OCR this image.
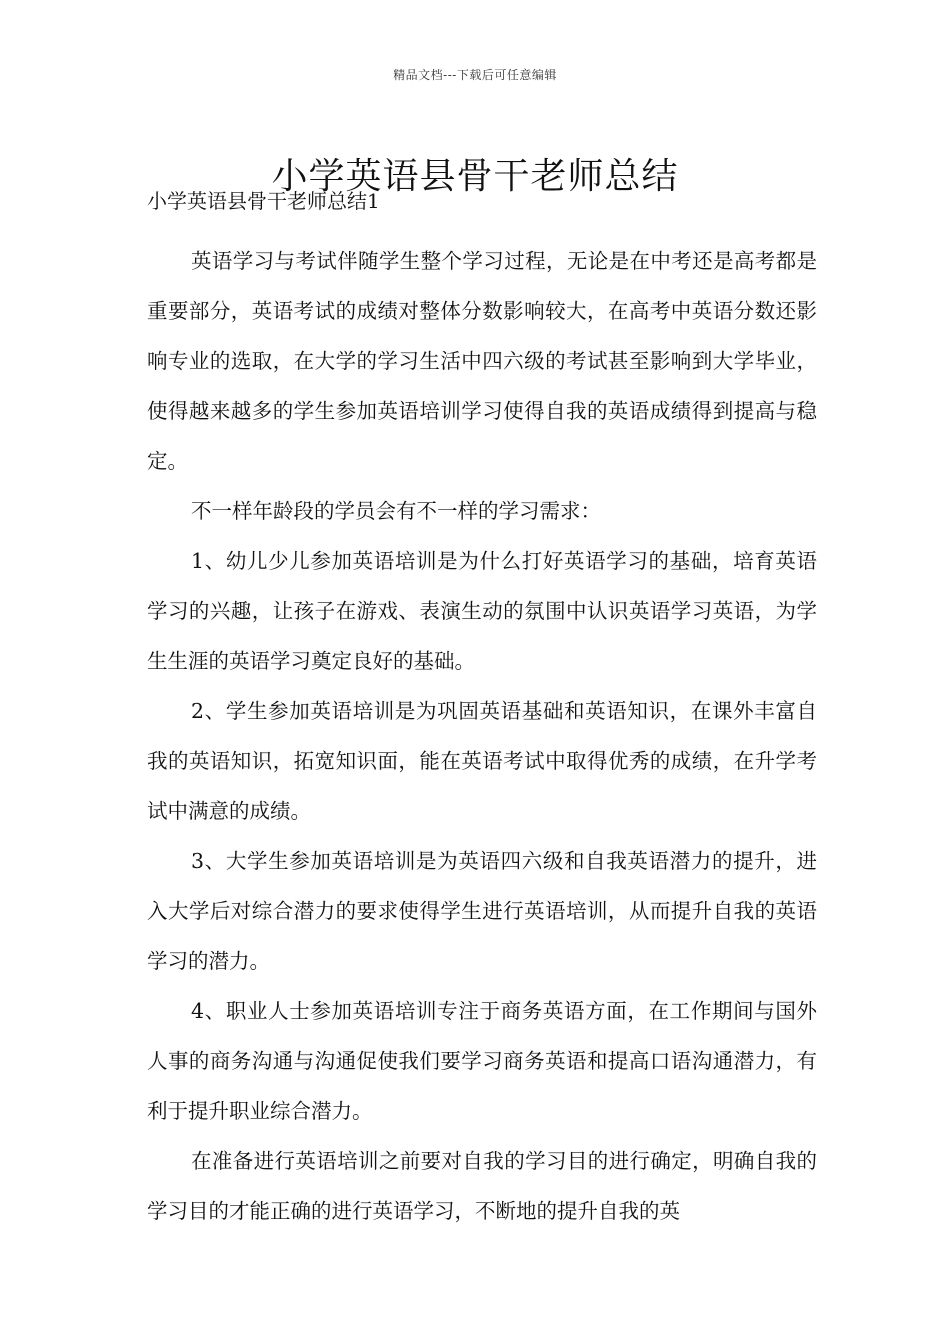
精品文档---下载后可任意编辑
小学英语县骨干老师总结
小学英语县骨干老师总结1

英语学习与考试伴随学生整个学习过程，无论是在中考还是高考都是重要部分，英语考试的成绩对整体分数影响较大，在高考中英语分数还影响专业的选取，在大学的学习生活中四六级的考试甚至影响到大学毕业，使得越来越多的学生参加英语培训学习使得自我的英语成绩得到提高与稳定。

不一样年龄段的学员会有不一样的学习需求：

1、幼儿少儿参加英语培训是为什么打好英语学习的基础，培育英语学习的兴趣，让孩子在游戏、表演生动的氛围中认识英语学习英语，为学生生涯的英语学习奠定良好的基础。

2、学生参加英语培训是为巩固英语基础和英语知识，在课外丰富自我的英语知识，拓宽知识面，能在英语考试中取得优秀的成绩，在升学考试中满意的成绩。

3、大学生参加英语培训是为英语四六级和自我英语潜力的提升，进入大学后对综合潜力的要求使得学生进行英语培训，从而提升自我的英语学习的潜力。

4、职业人士参加英语培训专注于商务英语方面，在工作期间与国外人事的商务沟通与沟通促使我们要学习商务英语和提高口语沟通潜力，有利于提升职业综合潜力。

在准备进行英语培训之前要对自我的学习目的进行确定，明确自我的学习目的才能正确的进行英语学习，不断地的提升自我的英
